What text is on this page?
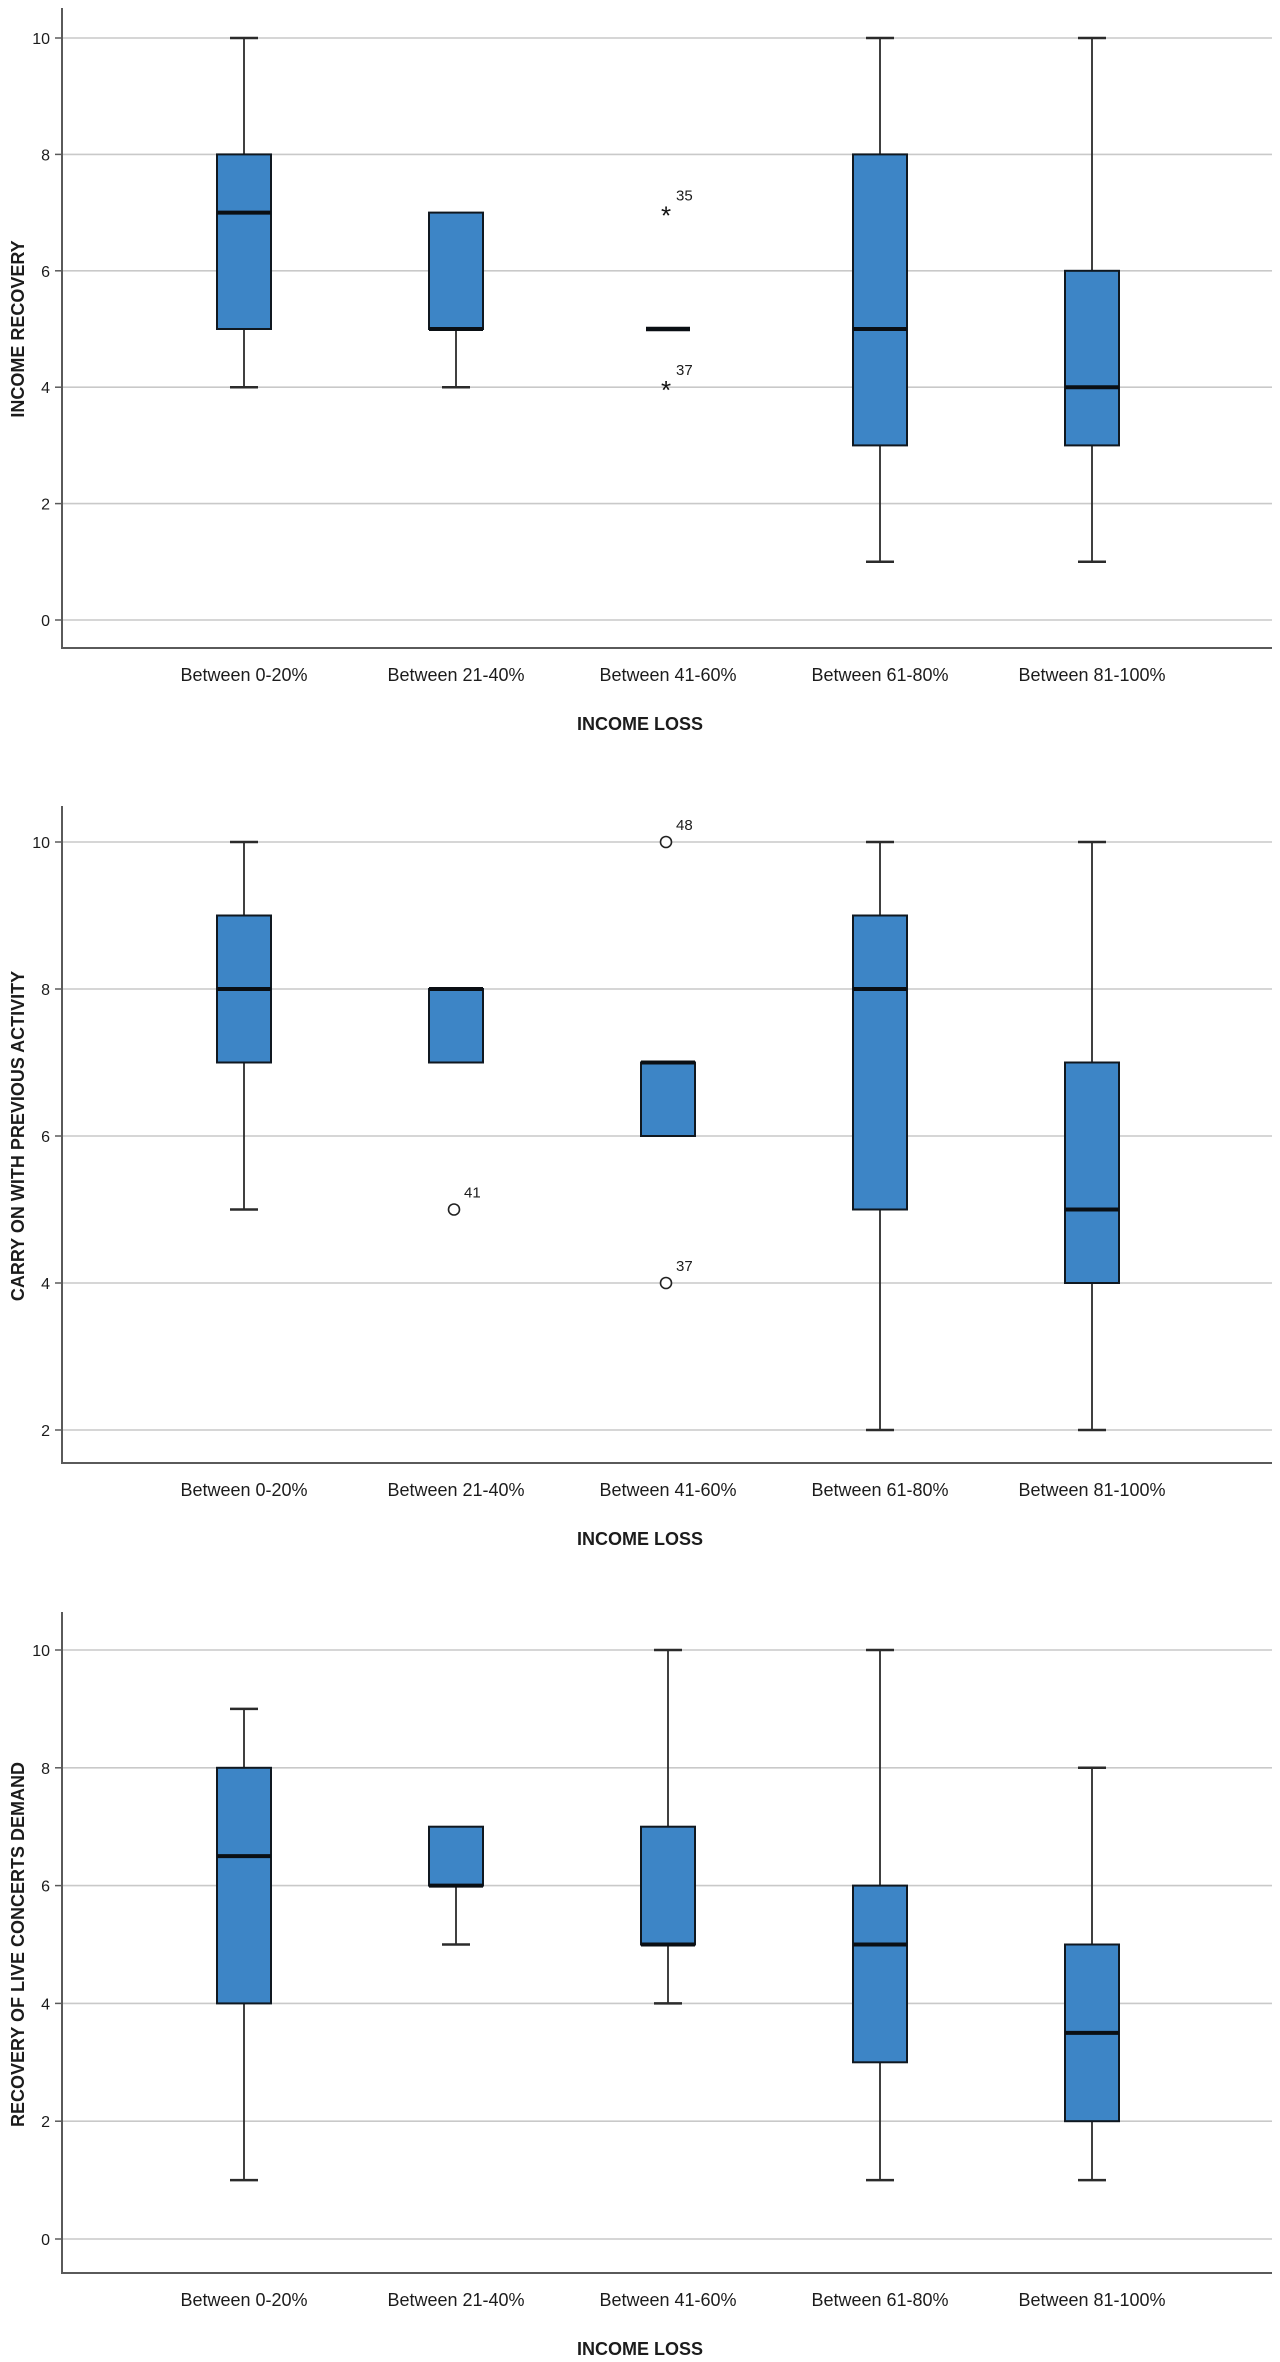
0
2
4
6
8
10
Between 0-20%	Between 21-40%	Between 41-60%	Between 61-80%	Between 81-100%
INCOME LOSS
INCOME RECOVERY
*
35
*
37
2
4
6
8
10
Between 0-20%	Between 21-40%	Between 41-60%	Between 61-80%	Between 81-100%
INCOME LOSS
CARRY ON WITH PREVIOUS ACTIVITY	41
48
37
0
2
4
6
8
10
Between 0-20%	Between 21-40%	Between 41-60%	Between 61-80%	Between 81-100%
INCOME LOSS
RECOVERY OF LIVE CONCERTS DEMAND
